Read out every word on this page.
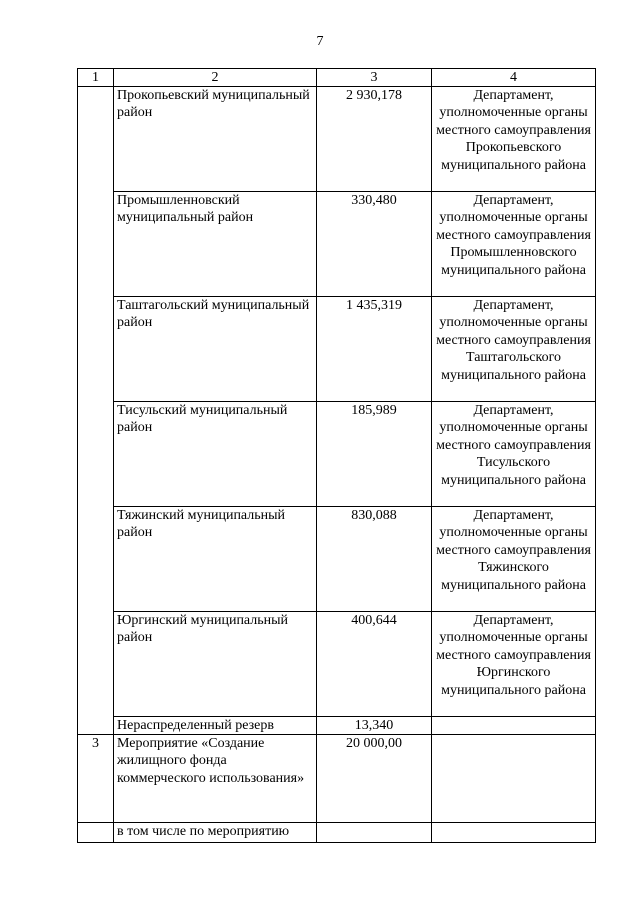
7
1	2	3	4
	Прокопьевский муниципальный район	2 930,178	Департамент, уполномоченные органы местного самоуправления Прокопьевского муниципального района
	Промышленновский муниципальный район	330,480	Департамент, уполномоченные органы местного самоуправления Промышленновского муниципального района
	Таштагольский муниципальный район	1 435,319	Департамент, уполномоченные органы местного самоуправления Таштагольского муниципального района
	Тисульский муниципальный район	185,989	Департамент, уполномоченные органы местного самоуправления Тисульского муниципального района
	Тяжинский муниципальный район	830,088	Департамент, уполномоченные органы местного самоуправления Тяжинского муниципального района
	Юргинский муниципальный район	400,644	Департамент, уполномоченные органы местного самоуправления Юргинского муниципального района
	Нераспределенный резерв	13,340	
3	Мероприятие «Создание жилищного фонда коммерческого использования»	20 000,00	
	в том числе по мероприятию		
